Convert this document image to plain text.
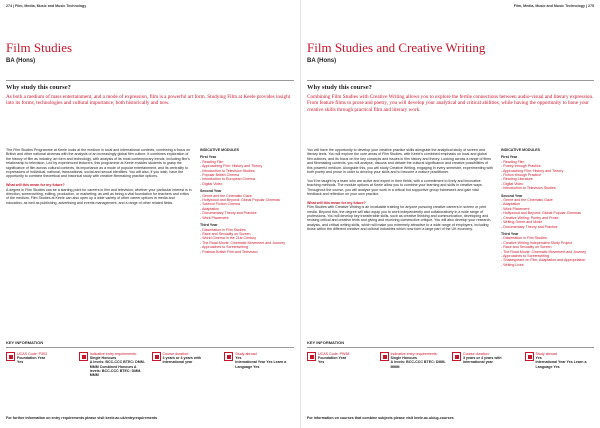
274 | Film, Media, Music and Music Technology
Film Studies
BA (Hons)
Why study this course?
As both a medium of mass entertainment, and a mode of expression, film is a powerful art form. Studying Film at Keele provides insight into its forms, technologies and cultural importance, both historically and now.

The Film Studies Programme at Keele looks at the medium in local and international contexts, combining a focus on British and other national cinemas with the analysis of an increasingly global film culture. It combines exploration of the history of film as industry, art form and technology, with analysis of its most contemporary trends, including film’s relationship to television. Led by experienced lecturers, this programme at Keele enables students to grasp the significance of film across cultural contexts, its importance as a mode of popular entertainment, and its centrality to expressions of individual, national, transnational, social and sexual identities. You will also, if you wish, have the opportunity to combine theoretical and historical study with creative filmmaking practice options.

What will this mean for my future?

A degree in Film Studies can be a starting point for careers in film and television, whether your particular interest is in direction, screenwriting, editing, production, or marketing; as well as being a vital foundation for teachers and critics of the medium. Film Studies at Keele can also open up a wide variety of other career options in media and education, as well as publishing, advertising and events management, and a range of other related fields.

INDICATIVE MODULES
First Year
- Reading Film
- Approaching Film: History and Theory
- Introduction to Television Studies
- Popular British Cinema
- Introduction to European Cinema
- Digital Video
Second Year
- Genre and the Cinematic Gaze
- Hollywood and Beyond: Global Popular Cinemas
- Science Fiction Cinema
- Adaptation
- Documentary Theory and Practice
- Work Placement
Third Year
- Dissertation in Film Studies
- Race and Sexuality on Screen
- World Cinema in the 21st Century
- The Road Movie: Cinematic Movement and Journey
- Approaches to Screenwriting
- Postwar British Film and Television
KEY INFORMATION
UCAS Code: P303
Foundation Year
Yes
Indicative entry requirements:
Single Honours
A levels: BCC-CCC BTEC: DMM-MMM Combined Honours A levels: BCC-CCC BTEC: DMM-MMM
Course duration:
3 years or 4 years with international year
Study abroad
Yes
International Year Yes Learn a Language Yes
For further information on entry requirements please visit keele.ac.uk/entryrequirements
Film, Media, Music and Music Technology | 275
Film Studies and Creative Writing
BA (Hons)
Why study this course?
Combining Film Studies with Creative Writing allows you to explore the fertile connections between audio-visual and literary expression. From feature films to prose and poetry, you will develop your analytical and critical abilities, while having the opportunity to hone your creative skills through practical film and literary work.

You will have the opportunity to develop your creative practice skills alongside the analytical study of screen and literary texts. You will explore the core areas of Film Studies, with Keele’s combined emphasis on local and global film cultures, and its focus on the key concepts and issues in film history and theory. Looking across a range of films and filmmaking contexts, you will analyse, discuss and debate the cultural significance and creative possibilities of this powerful medium. Alongside this, you will study Creative Writing, engaging in every semester, experimenting with both poetry and prose in order to develop your skills and to become a mature practitioner.

You’ll be taught by a team who are active and expert in their fields, with a commitment to lively and innovative teaching methods. The module options at Keele allow you to combine your learning and skills in creative ways. Throughout the course, you will analyse your work in a critical but supportive group framework and gain vital feedback and reflection on your own practice.

What will this mean for my future?

Film Studies with Creative Writing is an invaluable training for anyone pursuing creative careers in screen or print media. Beyond this, the degree will also equip you to work independently and collaboratively in a wide range of professions. You will develop key transferable skills, such as creative thinking and communication, developing and revising critical and creative texts and giving and receiving constructive critique. You will also develop your research, analysis, and critical writing skills, which will make you extremely attractive to a wide range of employers, including those within the different creative and cultural industries which now form a large part of the UK economy.

INDICATIVE MODULES
First Year
- Reading Film
- Poetry through Practice
- Approaching Film: History and Theory
- Fiction through Practice
- Reading Literature
- Digital Video
- Introduction to Television Studies
Second Year
- Genre and the Cinematic Gaze
- Adaptation
- Work Placement
- Hollywood and Beyond: Global Popular Cinemas
- Creative Writing: Poetry and Prose
- Writing Genre and Mode
- Documentary Theory and Practice
Third Year
- Dissertation in Film Studies
- Creative Writing Independent Study Project
- Race and Sexuality on Screen
- The Road Movie: Cinematic Movement and Journey
- Approaches to Screenwriting
- Shakespeare on Film, Adaptation and Appropriation
- Writing Lives
KEY INFORMATION
UCAS Code: PW38
Foundation Year
Yes
Indicative entry requirements:
Single Honours
A levels: BCC-CCC BTEC: DMM-MMM
Course duration:
3 years or 4 years with international year
Study abroad
Yes
International Year Yes Learn a Language Yes
For information on courses that combine subjects please visit keele.ac.uk/ug-courses
